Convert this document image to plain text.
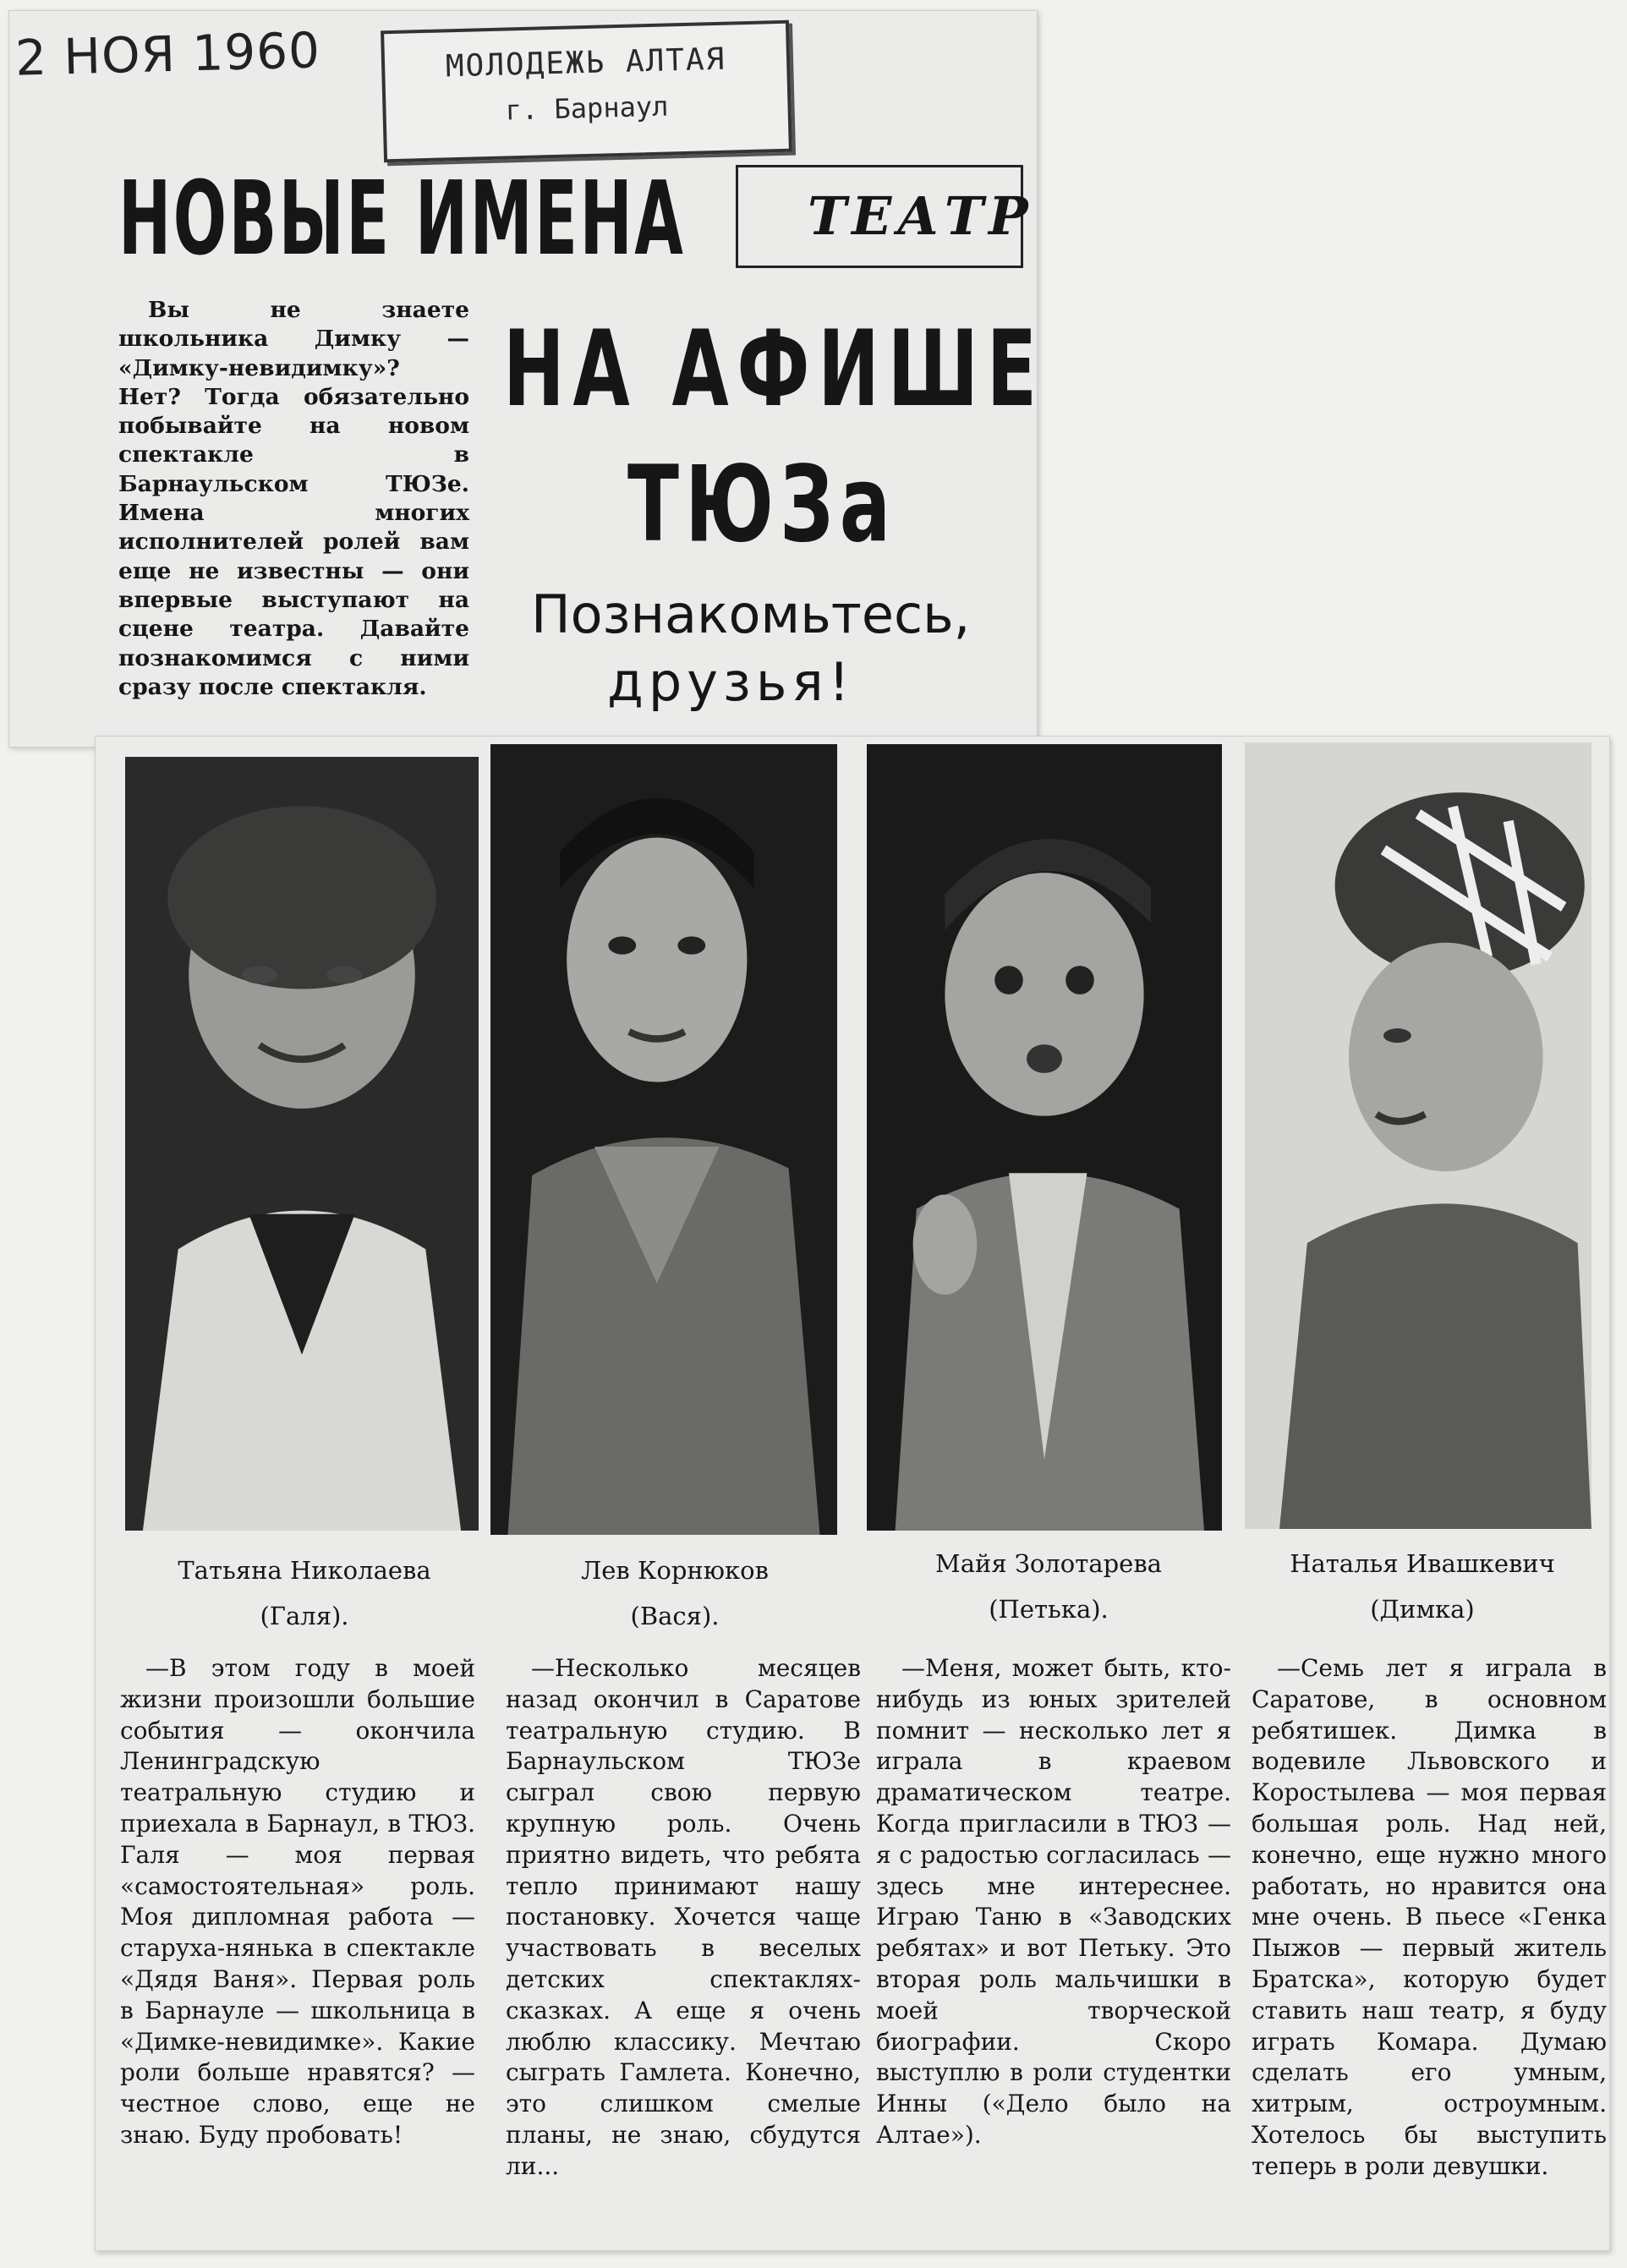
2 НОЯ 1960	МОЛОДЕЖЬ АЛТАЯ
г. Барнаул
НОВЫЕ ИМЕНА	ТЕАТР
Вы не знаете школьника Димку — «Димку-невидимку»? Нет? Тогда обязательно побывайте на новом спектакле в Барнаульском ТЮЗе. Имена многих исполнителей ролей вам еще не известны — они впервые выступают на сцене театра. Давайте познакомимся с ними сразу после спектакля.
НА АФИШЕ
ТЮЗа
Познакомьтесь,
друзья!
Татьяна Николаева
(Галя).
Лев Корнюков
(Вася).
Майя Золотарева
(Петька).
Наталья Ивашкевич
(Димка)

—В этом году в моей жизни произошли большие события — окончила Ленинградскую театральную студию и приехала в Барнаул, в ТЮЗ. Галя — моя первая «самостоятельная» роль. Моя дипломная работа — старуха-нянька в спектакле «Дядя Ваня». Первая роль в Барнауле — школьница в «Димке-невидимке». Какие роли больше нравятся? — честное слово, еще не знаю. Буду пробовать!

—Несколько месяцев назад окончил в Саратове театральную студию. В Барнаульском ТЮЗе сыграл свою первую крупную роль. Очень приятно видеть, что ребята тепло принимают нашу постановку. Хочется чаще участвовать в веселых детских спектаклях-сказках. А еще я очень люблю классику. Мечтаю сыграть Гамлета. Конечно, это слишком смелые планы, не знаю, сбудутся ли...

—Меня, может быть, кто-нибудь из юных зрителей помнит — несколько лет я играла в краевом драматическом театре. Когда пригласили в ТЮЗ — я с радостью согласилась — здесь мне интереснее. Играю Таню в «Заводских ребятах» и вот Петьку. Это вторая роль мальчишки в моей творческой биографии. Скоро выступлю в роли студентки Инны («Дело было на Алтае»).

—Семь лет я играла в Саратове, в основном ребятишек. Димка в водевиле Львовского и Коростылева — моя первая большая роль. Над ней, конечно, еще нужно много работать, но нравится она мне очень. В пьесе «Генка Пыжов — первый житель Братска», которую будет ставить наш театр, я буду играть Комара. Думаю сделать его умным, хитрым, остроумным. Хотелось бы выступить теперь в роли девушки.
